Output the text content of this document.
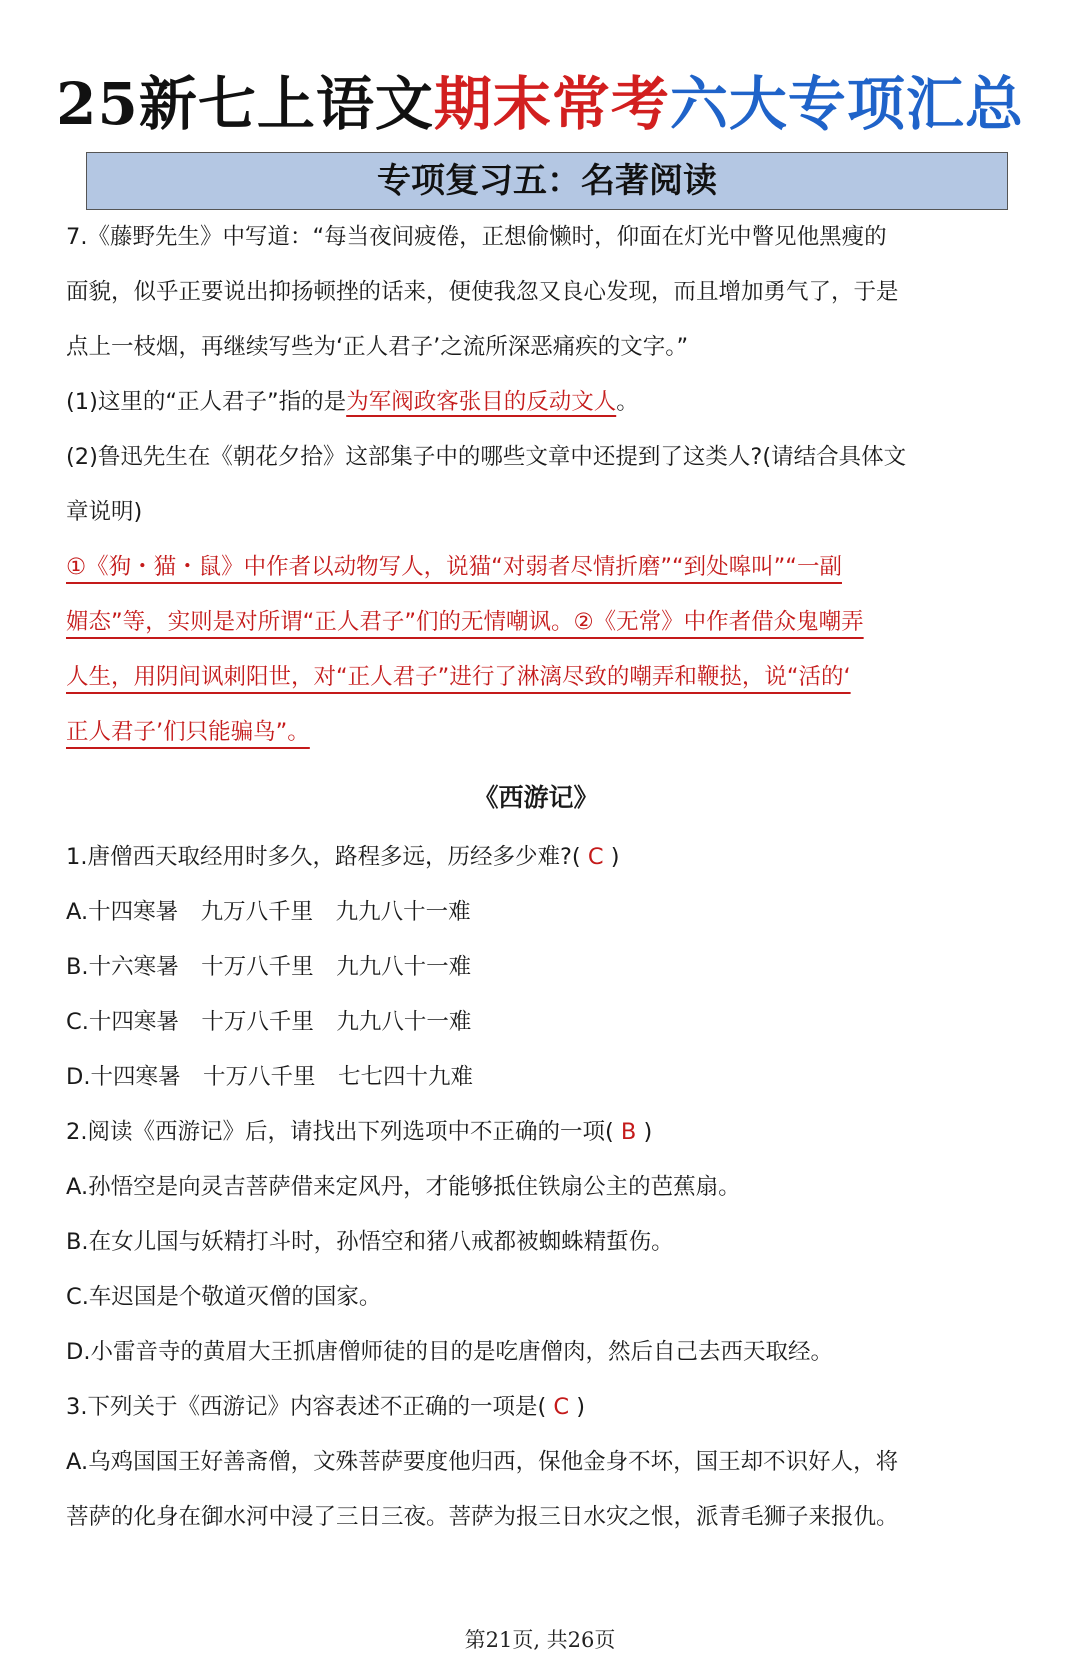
25新七上语文期末常考六大专项汇总
专项复习五：名著阅读

7.《藤野先生》中写道：“每当夜间疲倦，正想偷懒时，仰面在灯光中瞥见他黑瘦的

面貌，似乎正要说出抑扬顿挫的话来，便使我忽又良心发现，而且增加勇气了，于是

点上一枝烟，再继续写些为‘正人君子’之流所深恶痛疾的文字。”

(1)这里的“正人君子”指的是为军阀政客张目的反动文人。

(2)鲁迅先生在《朝花夕拾》这部集子中的哪些文章中还提到了这类人?(请结合具体文

章说明)

①《狗・猫・鼠》中作者以动物写人，说猫“对弱者尽情折磨”“到处嗥叫”“一副

媚态”等，实则是对所谓“正人君子”们的无情嘲讽。②《无常》中作者借众鬼嘲弄

人生，用阴间讽刺阳世，对“正人君子”进行了淋漓尽致的嘲弄和鞭挞，说“活的‘

正人君子’们只能骗鸟”。 

《西游记》

1.唐僧西天取经用时多久，路程多远，历经多少难?( C )

A.十四寒暑　九万八千里　九九八十一难

B.十六寒暑　十万八千里　九九八十一难

C.十四寒暑　十万八千里　九九八十一难

D.十四寒暑　十万八千里　七七四十九难

2.阅读《西游记》后，请找出下列选项中不正确的一项( B )

A.孙悟空是向灵吉菩萨借来定风丹，才能够抵住铁扇公主的芭蕉扇。

B.在女儿国与妖精打斗时，孙悟空和猪八戒都被蜘蛛精蜇伤。

C.车迟国是个敬道灭僧的国家。

D.小雷音寺的黄眉大王抓唐僧师徒的目的是吃唐僧肉，然后自己去西天取经。

3.下列关于《西游记》内容表述不正确的一项是( C )

A.乌鸡国国王好善斋僧，文殊菩萨要度他归西，保他金身不坏，国王却不识好人，将

菩萨的化身在御水河中浸了三日三夜。菩萨为报三日水灾之恨，派青毛狮子来报仇。

第21页, 共26页
